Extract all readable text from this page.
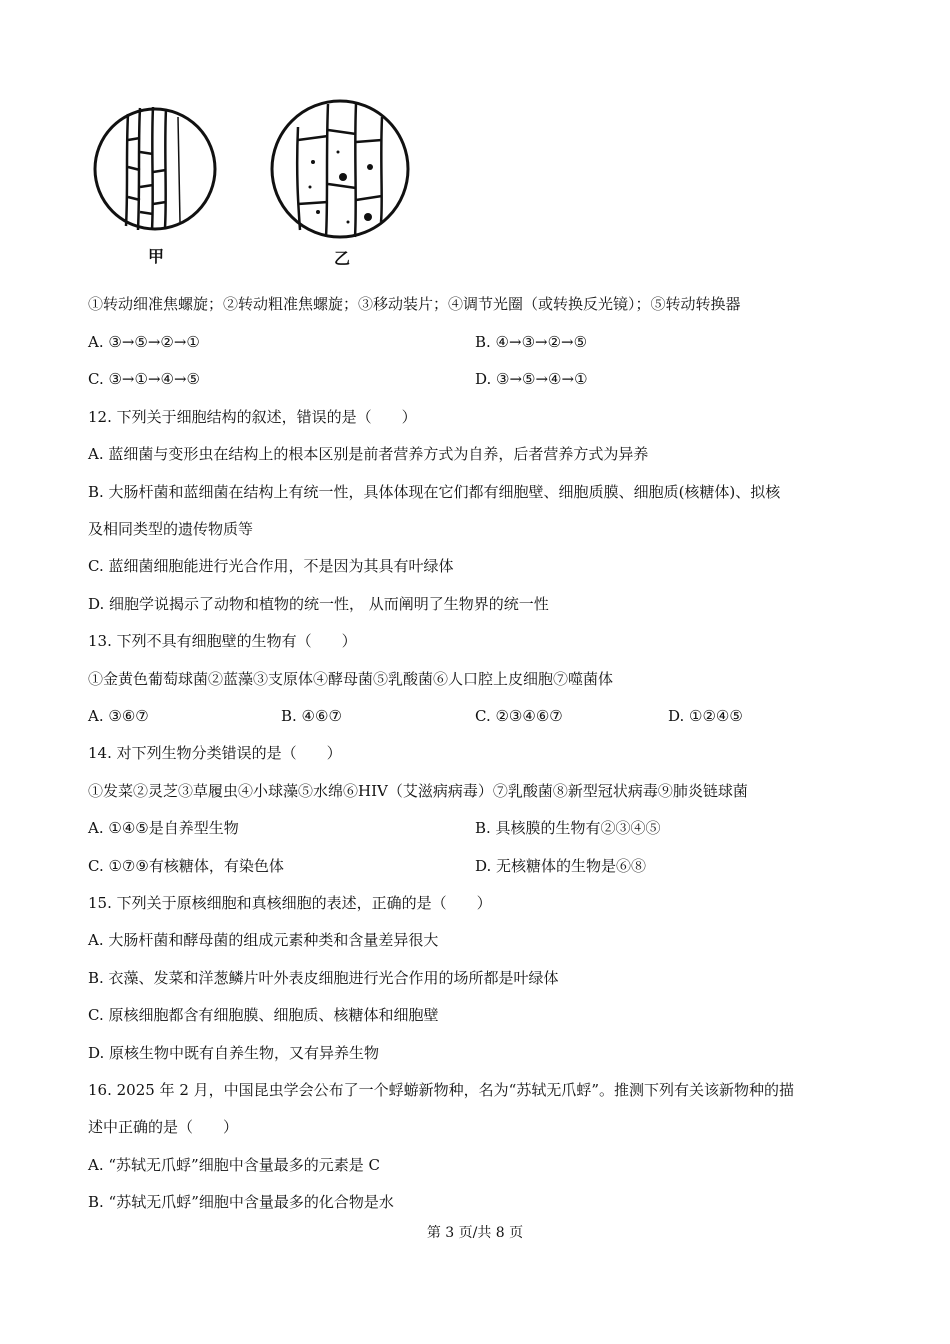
甲	乙
①转动细准焦螺旋；②转动粗准焦螺旋；③移动装片；④调节光圈（或转换反光镜）；⑤转动转换器
A. ③→⑤→②→①	B. ④→③→②→⑤
C. ③→①→④→⑤	D. ③→⑤→④→①
12. 下列关于细胞结构的叙述，错误的是（　　）
A. 蓝细菌与变形虫在结构上的根本区别是前者营养方式为自养，后者营养方式为异养
B. 大肠杆菌和蓝细菌在结构上有统一性，具体体现在它们都有细胞壁、细胞质膜、细胞质(核糖体)、拟核
及相同类型的遗传物质等
C. 蓝细菌细胞能进行光合作用，不是因为其具有叶绿体
D. 细胞学说揭示了动物和植物的统一性， 从而阐明了生物界的统一性
13. 下列不具有细胞壁的生物有（　　）
①金黄色葡萄球菌②蓝藻③支原体④酵母菌⑤乳酸菌⑥人口腔上皮细胞⑦噬菌体
A. ③⑥⑦	B. ④⑥⑦	C. ②③④⑥⑦	D. ①②④⑤
14. 对下列生物分类错误的是（　　）
①发菜②灵芝③草履虫④小球藻⑤水绵⑥HIV（艾滋病病毒）⑦乳酸菌⑧新型冠状病毒⑨肺炎链球菌
A. ①④⑤是自养型生物	B. 具核膜的生物有②③④⑤
C. ①⑦⑨有核糖体，有染色体	D. 无核糖体的生物是⑥⑧
15. 下列关于原核细胞和真核细胞的表述，正确的是（　　）
A. 大肠杆菌和酵母菌的组成元素种类和含量差异很大
B. 衣藻、发菜和洋葱鳞片叶外表皮细胞进行光合作用的场所都是叶绿体
C. 原核细胞都含有细胞膜、细胞质、核糖体和细胞壁
D. 原核生物中既有自养生物，又有异养生物
16. 2025 年 2 月，中国昆虫学会公布了一个蜉蝣新物种，名为“苏轼无爪蜉”。推测下列有关该新物种的描
述中正确的是（　　）
A. “苏轼无爪蜉”细胞中含量最多的元素是 C
B. “苏轼无爪蜉”细胞中含量最多的化合物是水
第 3 页/共 8 页
